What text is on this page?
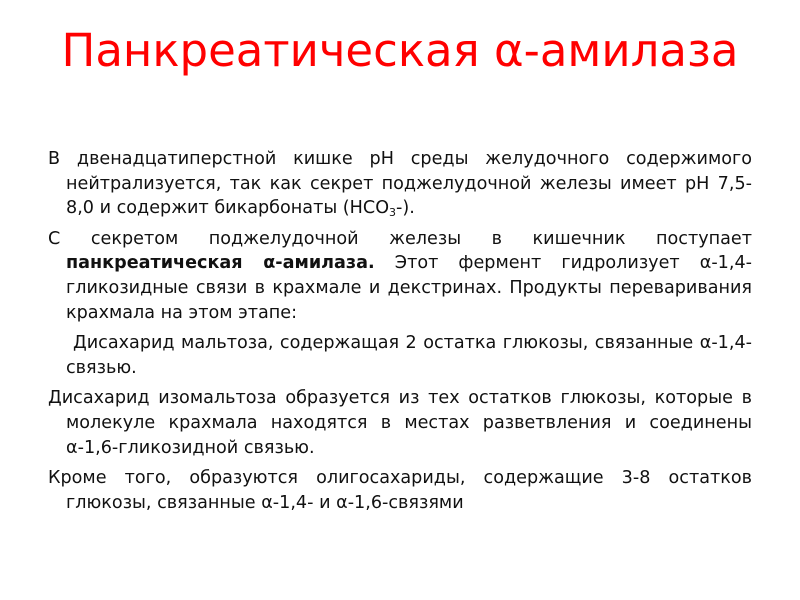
Панкреатическая α-амилаза

В двенадцатиперстной кишке pH среды желудочного содержимого нейтрализуется, так как секрет поджелудочной железы имеет pH 7,5-8,0 и содержит бикарбонаты $(НСО_3-)$.

С секретом поджелудочной железы в кишечник поступает панкреатическая α-амилаза. Этот фермент гидролизует α-1,4-гликозидные связи в крахмале и декстринах. Продукты переваривания крахмала на этом этапе:

Дисахарид мальтоза, содержащая 2 остатка глюкозы, связанные α-1,4-связью.

Дисахарид изомальтоза образуется из тех остатков глюкозы, которые в молекуле крахмала находятся в местах разветвления и соединены α-1,6-гликозидной связью.

Кроме того, образуются олигосахариды, содержащие 3-8 остатков глюкозы, связанные α-1,4- и α-1,6-связями
